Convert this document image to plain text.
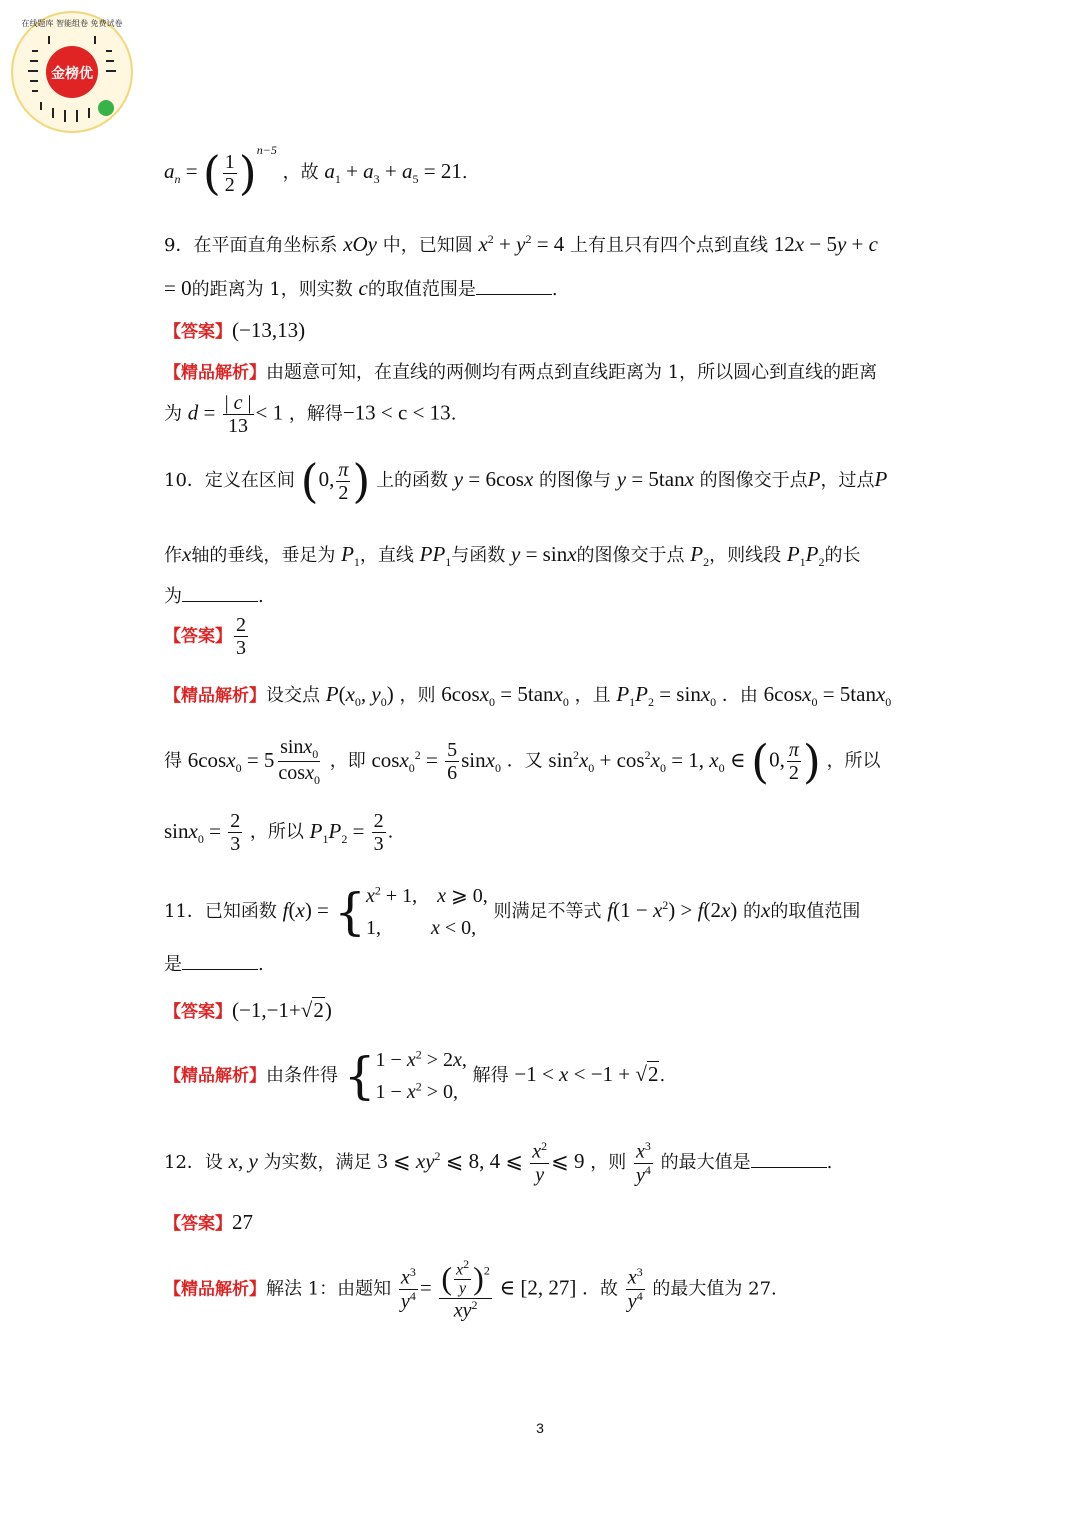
金榜优
在线题库 智能组卷 免费试卷
$a_n$ = ( $\frac{1}{2} )^{n-5}$ ，故 $a_1 + a_3 + a_5 = 21$.
9．在平面直角坐标系 xOy 中，已知圆 $x^2 + y^2 = 4$ 上有且只有四个点到直线 12x − 5y + c
= 0的距离为 1，则实数 c的取值范围是	.
【答案】(−13,13)
【精品解析】由题意可知，在直线的两侧均有两点到直线距离为 1，所以圆心到直线的距离
为 $d = \frac{| c |}{13} < 1$ ，解得−13 < c < 13.
10．定义在区间 (0, $\frac{\pi}{2}$ ) 上的函数 y = 6cosx 的图像与 y = 5tanx 的图像交于点P，过点P
作x轴的垂线，垂足为 $P_1$，直线 $PP_1$与函数 y = sinx的图像交于点 $P_2$，则线段 $P_1P_2$的长
为	.
【答案】 $\frac{2}{3}$
【精品解析】设交点 $P(x_0$, $y_0$) ，则 6cosx$_0$ = 5tanx$_0$ ，且 $P_1P_2 = \sin x_0$ ．由 6cosx$_0$ = 5tanx$_0$
得 $6\cos x_0 = 5 \frac{\sin x_0}{\cos x_0}$ ，即 $\cos x_0^2 = \frac{5}{6} \sin x_0$ ．又 $\sin^2x_0 + \cos^2x_0 = 1$, $x_0$ ∈ (0, $\frac{\pi}{2}$ ) ，所以
$\sin x_0 = \frac{2}{3}$ ，所以 $P_1P_2 = \frac{2}{3}$ .
11．已知函数 f(x) = { $x^2 + 1$,    x ⩾ 0,
1,          x < 0,
则满足不等式 $f(1 - x^2) > f(2x)$ 的x的取值范围
是	.
【答案】(−1,−1+√2)
【精品解析】由条件得 { $1 - x^2 > 2x$,
$1 - x^2 > 0$,
解得 −1 < x < −1 + √2.
12．设 x, y 为实数，满足 3 ⩽ $xy^2$ ⩽ 8, 4 ⩽ $\frac{x^2}{y}$ ⩽ 9 ，则 $\frac{x^3}{y^4}$ 的最大值是	.
【答案】27
【精品解析】解法 1：由题知 $\frac{x^3}{y^4} = \frac{( \frac{x^2}{y} )^2}{xy^2}$ ∈ [2, 27] ．故 $\frac{x^3}{y^4}$ 的最大值为 27.
3
